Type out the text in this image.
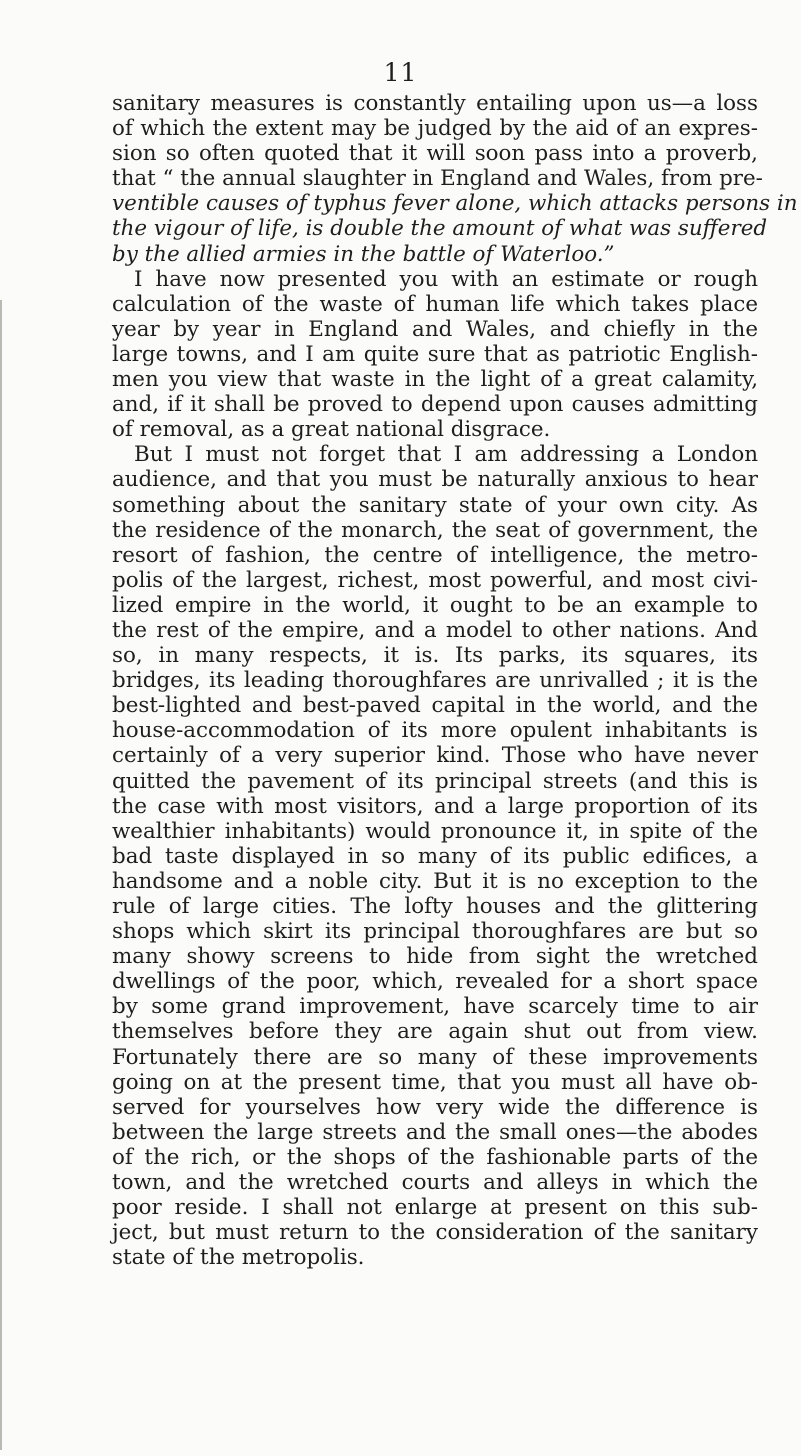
11
sanitary measures is constantly entailing upon us—a loss
of which the extent may be judged by the aid of an expres-
sion so often quoted that it will soon pass into a proverb,
that “ the annual slaughter in England and Wales, from pre-
ventible causes of typhus fever alone, which attacks persons in
the vigour of life, is double the amount of what was suffered
by the allied armies in the battle of Waterloo.”
I have now presented you with an estimate or rough
calculation of the waste of human life which takes place
year by year in England and Wales, and chiefly in the
large towns, and I am quite sure that as patriotic English-
men you view that waste in the light of a great calamity,
and, if it shall be proved to depend upon causes admitting
of removal, as a great national disgrace.
But I must not forget that I am addressing a London
audience, and that you must be naturally anxious to hear
something about the sanitary state of your own city. As
the residence of the monarch, the seat of government, the
resort of fashion, the centre of intelligence, the metro-
polis of the largest, richest, most powerful, and most civi-
lized empire in the world, it ought to be an example to
the rest of the empire, and a model to other nations. And
so, in many respects, it is. Its parks, its squares, its
bridges, its leading thoroughfares are unrivalled ; it is the
best-lighted and best-paved capital in the world, and the
house-accommodation of its more opulent inhabitants is
certainly of a very superior kind. Those who have never
quitted the pavement of its principal streets (and this is
the case with most visitors, and a large proportion of its
wealthier inhabitants) would pronounce it, in spite of the
bad taste displayed in so many of its public edifices, a
handsome and a noble city. But it is no exception to the
rule of large cities. The lofty houses and the glittering
shops which skirt its principal thoroughfares are but so
many showy screens to hide from sight the wretched
dwellings of the poor, which, revealed for a short space
by some grand improvement, have scarcely time to air
themselves before they are again shut out from view.
Fortunately there are so many of these improvements
going on at the present time, that you must all have ob-
served for yourselves how very wide the difference is
between the large streets and the small ones—the abodes
of the rich, or the shops of the fashionable parts of the
town, and the wretched courts and alleys in which the
poor reside. I shall not enlarge at present on this sub-
ject, but must return to the consideration of the sanitary
state of the metropolis.
